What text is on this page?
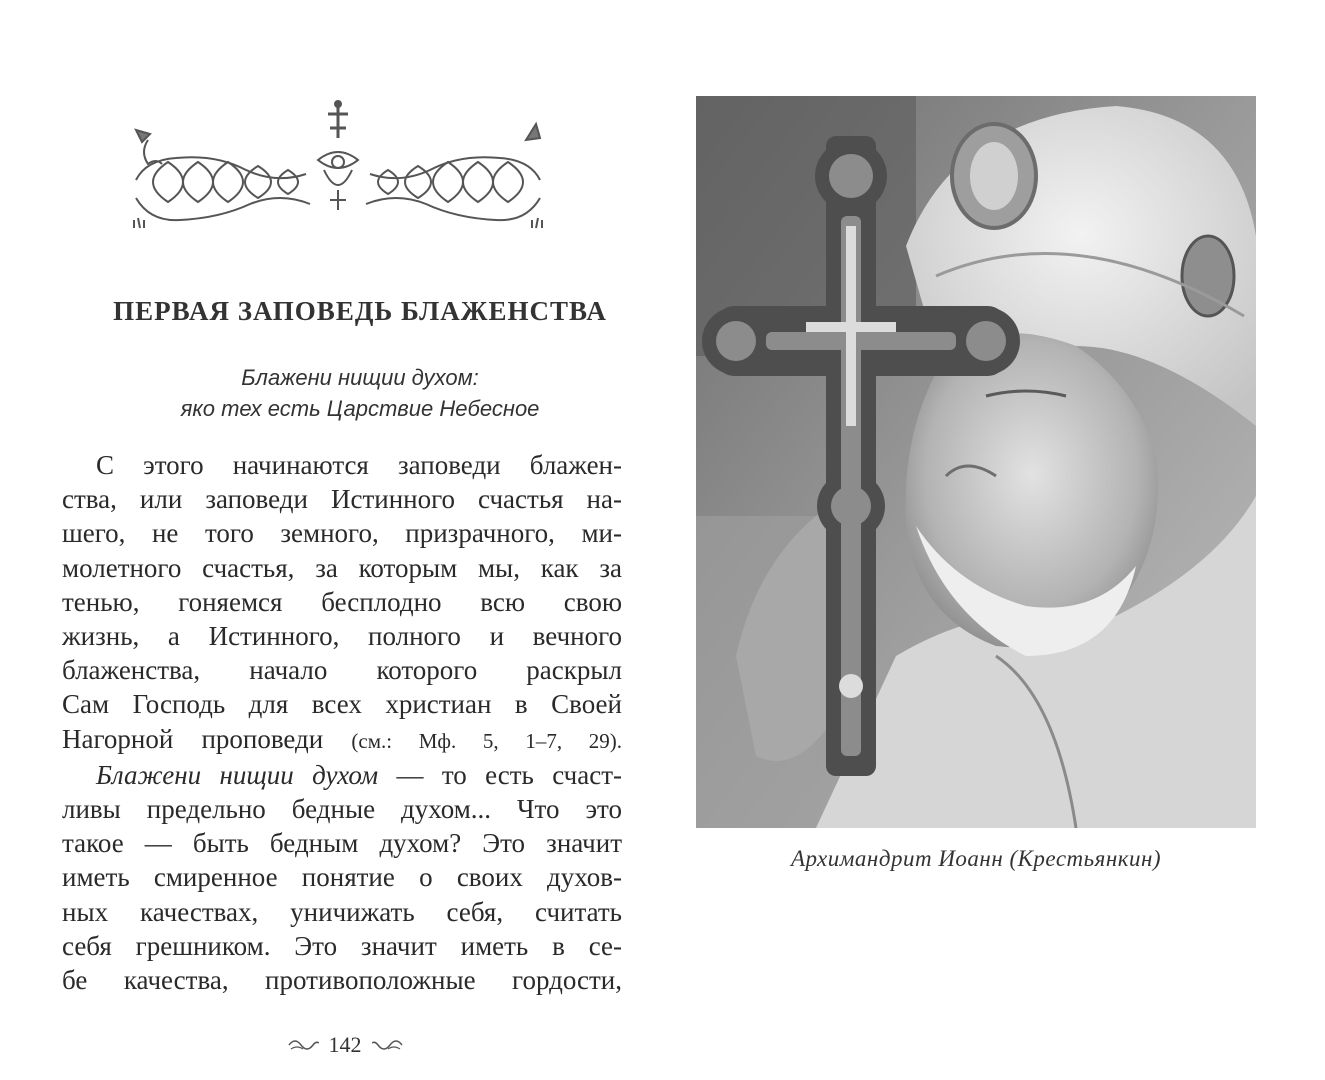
ПЕРВАЯ ЗАПОВЕДЬ БЛАЖЕНСТВА
Блажени нищии духом:
яко тех есть Царствие Небесное
С этого начинаются заповеди блажен-
ства, или заповеди Истинного счастья на-
шего, не того земного, призрачного, ми-
молетного счастья, за которым мы, как за
тенью, гоняемся бесплодно всю свою
жизнь, а Истинного, полного и вечного
блаженства, начало которого раскрыл
Сам Господь для всех христиан в Своей
Нагорной проповеди (см.: Мф. 5, 1–7, 29).
Блажени нищии духом — то есть счаст-
ливы предельно бедные духом... Что это
такое — быть бедным духом? Это значит
иметь смиренное понятие о своих духов-
ных качествах, уничижать себя, считать
себя грешником. Это значит иметь в се-
бе качества, противоположные гордости,
142
Архимандрит Иоанн (Крестьянкин)
